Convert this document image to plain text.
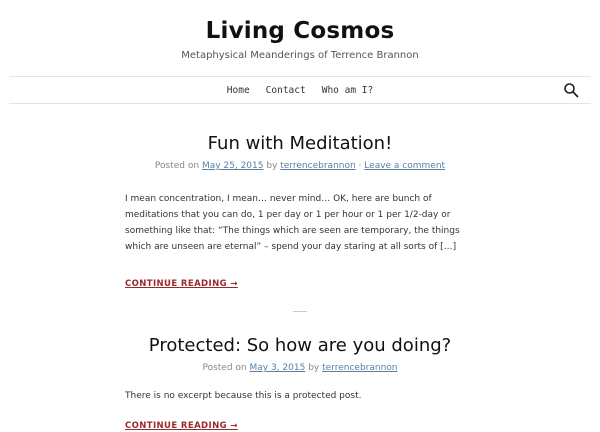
Living Cosmos
Metaphysical Meanderings of Terrence Brannon
Home Contact Who am I?
Fun with Meditation!
Posted on May 25, 2015 by terrencebrannon · Leave a comment

I mean concentration, I mean… never mind… OK, here are bunch of meditations that you can do, 1 per day or 1 per hour or 1 per 1/2-day or something like that: “The things which are seen are temporary, the things which are unseen are eternal” – spend your day staring at all sorts of […]

CONTINUE READING →
Protected: So how are you doing?
Posted on May 3, 2015 by terrencebrannon

There is no excerpt because this is a protected post.

CONTINUE READING →
